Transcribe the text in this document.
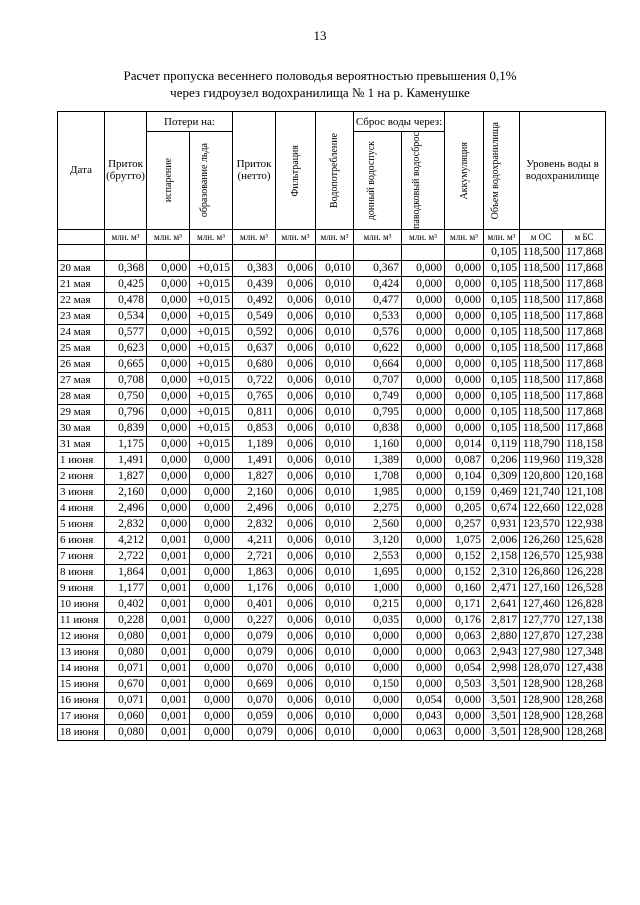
13
Расчет пропуска весеннего половодья вероятностью превышения 0,1%
через гидроузел водохранилища № 1 на р. Каменушке
Дата	Приток (брутто)	Потери на:		Приток (нетто)	Фильтрация	Водопотребление	Сброс воды через:		Аккумуляция	Объем водохранилища	Уровень воды в водохранилище	

		испарение	образование льда				донный водоспуск	паводковый водосброс				

	млн. м³	млн. м³	млн. м³	млн. м³	млн. м³	млн. м³	млн. м³	млн. м³	млн. м³	млн. м³	м ОС	м БС
										0,105	118,500	117,868
20 мая	0,368	0,000	+0,015	0,383	0,006	0,010	0,367	0,000	0,000	0,105	118,500	117,868
21 мая	0,425	0,000	+0,015	0,439	0,006	0,010	0,424	0,000	0,000	0,105	118,500	117,868
22 мая	0,478	0,000	+0,015	0,492	0,006	0,010	0,477	0,000	0,000	0,105	118,500	117,868
23 мая	0,534	0,000	+0,015	0,549	0,006	0,010	0,533	0,000	0,000	0,105	118,500	117,868
24 мая	0,577	0,000	+0,015	0,592	0,006	0,010	0,576	0,000	0,000	0,105	118,500	117,868
25 мая	0,623	0,000	+0,015	0,637	0,006	0,010	0,622	0,000	0,000	0,105	118,500	117,868
26 мая	0,665	0,000	+0,015	0,680	0,006	0,010	0,664	0,000	0,000	0,105	118,500	117,868
27 мая	0,708	0,000	+0,015	0,722	0,006	0,010	0,707	0,000	0,000	0,105	118,500	117,868
28 мая	0,750	0,000	+0,015	0,765	0,006	0,010	0,749	0,000	0,000	0,105	118,500	117,868
29 мая	0,796	0,000	+0,015	0,811	0,006	0,010	0,795	0,000	0,000	0,105	118,500	117,868
30 мая	0,839	0,000	+0,015	0,853	0,006	0,010	0,838	0,000	0,000	0,105	118,500	117,868
31 мая	1,175	0,000	+0,015	1,189	0,006	0,010	1,160	0,000	0,014	0,119	118,790	118,158
1 июня	1,491	0,000	0,000	1,491	0,006	0,010	1,389	0,000	0,087	0,206	119,960	119,328
2 июня	1,827	0,000	0,000	1,827	0,006	0,010	1,708	0,000	0,104	0,309	120,800	120,168
3 июня	2,160	0,000	0,000	2,160	0,006	0,010	1,985	0,000	0,159	0,469	121,740	121,108
4 июня	2,496	0,000	0,000	2,496	0,006	0,010	2,275	0,000	0,205	0,674	122,660	122,028
5 июня	2,832	0,000	0,000	2,832	0,006	0,010	2,560	0,000	0,257	0,931	123,570	122,938
6 июня	4,212	0,001	0,000	4,211	0,006	0,010	3,120	0,000	1,075	2,006	126,260	125,628
7 июня	2,722	0,001	0,000	2,721	0,006	0,010	2,553	0,000	0,152	2,158	126,570	125,938
8 июня	1,864	0,001	0,000	1,863	0,006	0,010	1,695	0,000	0,152	2,310	126,860	126,228
9 июня	1,177	0,001	0,000	1,176	0,006	0,010	1,000	0,000	0,160	2,471	127,160	126,528
10 июня	0,402	0,001	0,000	0,401	0,006	0,010	0,215	0,000	0,171	2,641	127,460	126,828
11 июня	0,228	0,001	0,000	0,227	0,006	0,010	0,035	0,000	0,176	2,817	127,770	127,138
12 июня	0,080	0,001	0,000	0,079	0,006	0,010	0,000	0,000	0,063	2,880	127,870	127,238
13 июня	0,080	0,001	0,000	0,079	0,006	0,010	0,000	0,000	0,063	2,943	127,980	127,348
14 июня	0,071	0,001	0,000	0,070	0,006	0,010	0,000	0,000	0,054	2,998	128,070	127,438
15 июня	0,670	0,001	0,000	0,669	0,006	0,010	0,150	0,000	0,503	3,501	128,900	128,268
16 июня	0,071	0,001	0,000	0,070	0,006	0,010	0,000	0,054	0,000	3,501	128,900	128,268
17 июня	0,060	0,001	0,000	0,059	0,006	0,010	0,000	0,043	0,000	3,501	128,900	128,268
18 июня	0,080	0,001	0,000	0,079	0,006	0,010	0,000	0,063	0,000	3,501	128,900	128,268
